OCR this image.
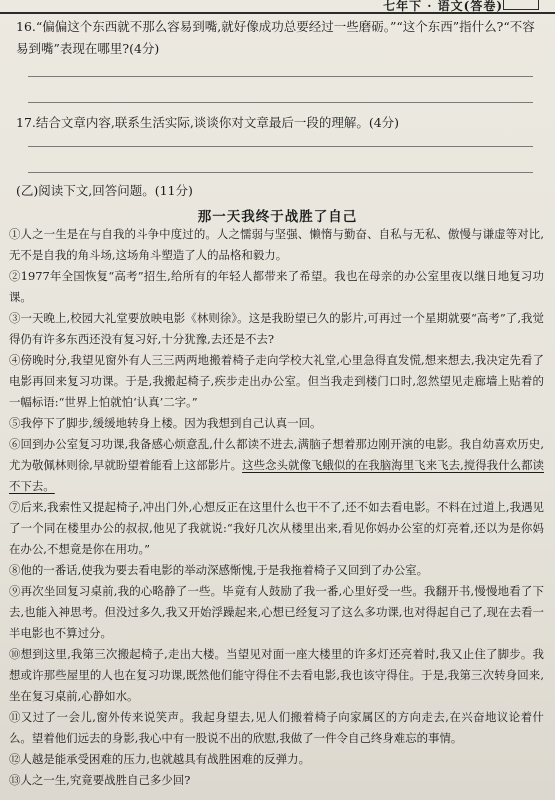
七年下 · 语文(答卷)
16.“偏偏这个东西就不那么容易到嘴,就好像成功总要经过一些磨砺。”“这个东西”指什么?“不容易到嘴”表现在哪里?(4分)
17.结合文章内容,联系生活实际,谈谈你对文章最后一段的理解。(4分)
(乙)阅读下文,回答问题。(11分)
那一天我终于战胜了自己
①人之一生是在与自我的斗争中度过的。人之懦弱与坚强、懒惰与勤奋、自私与无私、傲慢与谦虚等对比,无不是自我的角斗场,这场角斗塑造了人的品格和毅力。
②1977年全国恢复“高考”招生,给所有的年轻人都带来了希望。我也在母亲的办公室里夜以继日地复习功课。
③一天晚上,校园大礼堂要放映电影《林则徐》。这是我盼望已久的影片,可再过一个星期就要“高考”了,我觉得仍有许多东西还没有复习好,十分犹豫,去还是不去?
④傍晚时分,我望见窗外有人三三两两地搬着椅子走向学校大礼堂,心里急得直发慌,想来想去,我决定先看了电影再回来复习功课。于是,我搬起椅子,疾步走出办公室。但当我走到楼门口时,忽然望见走廊墙上贴着的一幅标语:“世界上怕就怕‘认真’二字。”
⑤我停下了脚步,缓缓地转身上楼。因为我想到自己认真一回。
⑥回到办公室复习功课,我备感心烦意乱,什么都读不进去,满脑子想着那边刚开演的电影。我自幼喜欢历史,尤为敬佩林则徐,早就盼望着能看上这部影片。这些念头就像飞蛾似的在我脑海里飞来飞去,搅得我什么都读不下去。
⑦后来,我索性又提起椅子,冲出门外,心想反正在这里什么也干不了,还不如去看电影。不料在过道上,我遇见了一个同在楼里办公的叔叔,他见了我就说:“我好几次从楼里出来,看见你妈办公室的灯亮着,还以为是你妈在办公,不想竟是你在用功。”
⑧他的一番话,使我为要去看电影的举动深感惭愧,于是我拖着椅子又回到了办公室。
⑨再次坐回复习桌前,我的心略静了一些。毕竟有人鼓励了我一番,心里好受一些。我翻开书,慢慢地看了下去,也能入神思考。但没过多久,我又开始浮躁起来,心想已经复习了这么多功课,也对得起自己了,现在去看一半电影也不算过分。
⑩想到这里,我第三次搬起椅子,走出大楼。当望见对面一座大楼里的许多灯还亮着时,我又止住了脚步。我想或许那些屋里的人也在复习功课,既然他们能守得住不去看电影,我也该守得住。于是,我第三次转身回来,坐在复习桌前,心静如水。
⑪又过了一会儿,窗外传来说笑声。我起身望去,见人们搬着椅子向家属区的方向走去,在兴奋地议论着什么。望着他们远去的身影,我心中有一股说不出的欣慰,我做了一件令自己终身难忘的事情。
⑫人越是能承受困难的压力,也就越具有战胜困难的反弹力。
⑬人之一生,究竟要战胜自己多少回?
